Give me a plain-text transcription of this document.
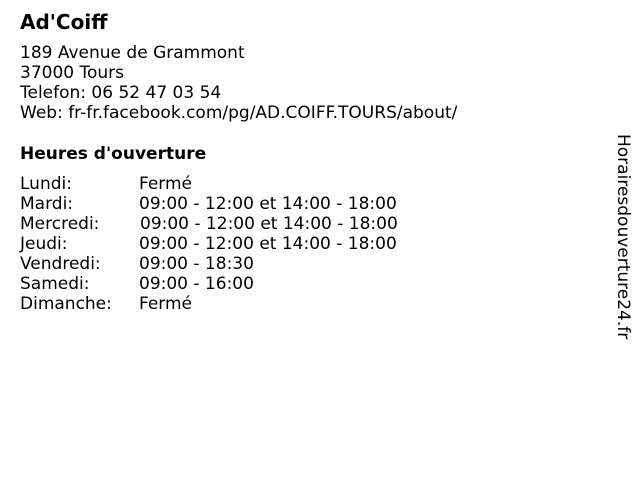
Ad'Coiff
189 Avenue de Grammont
37000 Tours
Telefon: 06 52 47 03 54
Web: fr-fr.facebook.com/pg/AD.COIFF.TOURS/about/
Heures d'ouverture
Lundi:	Fermé
Mardi:	09:00 - 12:00 et 14:00 - 18:00
Mercredi: 09:00 - 12:00 et 14:00 - 18:00
Jeudi:	09:00 - 12:00 et 14:00 - 18:00
Vendredi: 09:00 - 18:30
Samedi:	09:00 - 16:00
Dimanche: Fermé	Horairesdouverture24.fr
